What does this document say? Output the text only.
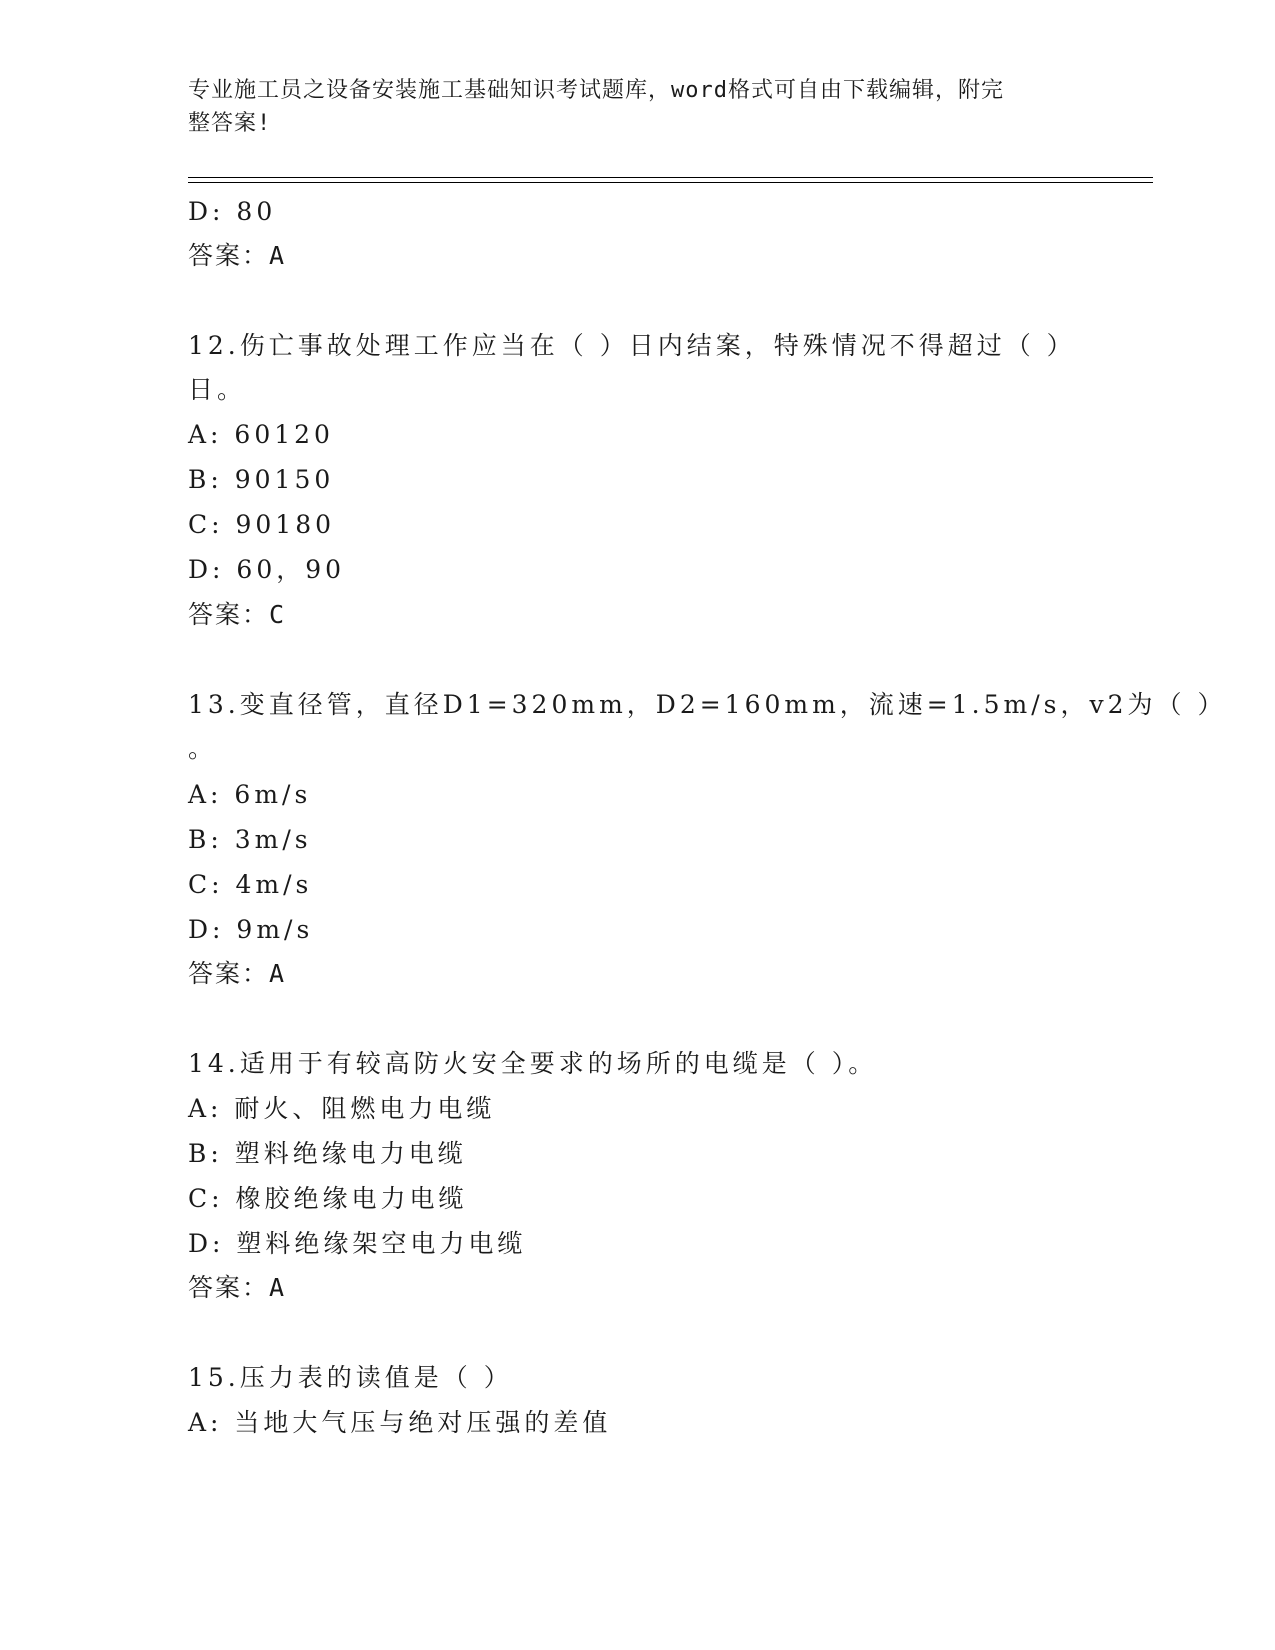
专业施工员之设备安装施工基础知识考试题库，word格式可自由下载编辑，附完
整答案!
D: 80
答案：A
12.伤亡事故处理工作应当在（ ）日内结案，特殊情况不得超过（ ）
日。
A: 60120
B: 90150
C: 90180
D: 60，90
答案：C
13.变直径管，直径D1=320mm，D2=160mm，流速=1.5m/s，v2为（ ）
。
A: 6m/s
B: 3m/s
C: 4m/s
D: 9m/s
答案：A
14.适用于有较高防火安全要求的场所的电缆是（ ）。
A: 耐火、阻燃电力电缆
B: 塑料绝缘电力电缆
C: 橡胶绝缘电力电缆
D: 塑料绝缘架空电力电缆
答案：A
15.压力表的读值是（ ）
A: 当地大气压与绝对压强的差值
